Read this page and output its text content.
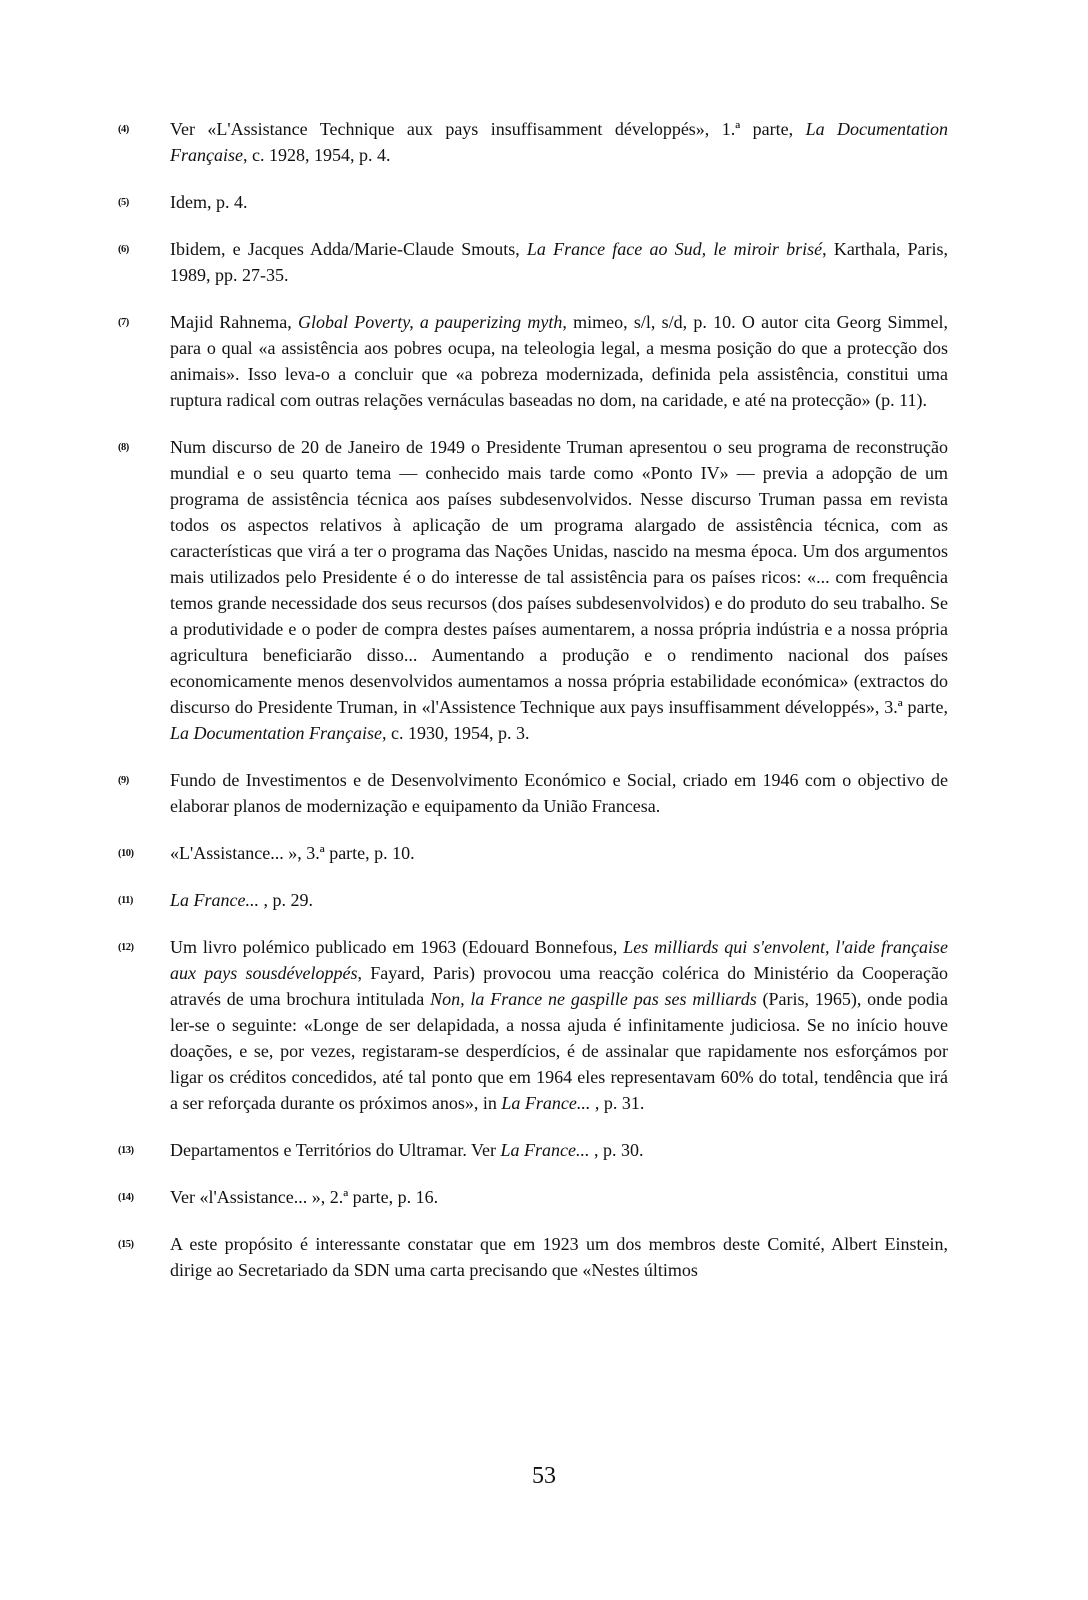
(4) Ver «L'Assistance Technique aux pays insuffisamment développés», 1.ª parte, La Documentation Française, c. 1928, 1954, p. 4.
(5) Idem, p. 4.
(6) Ibidem, e Jacques Adda/Marie-Claude Smouts, La France face ao Sud, le miroir brisé, Karthala, Paris, 1989, pp. 27-35.
(7) Majid Rahnema, Global Poverty, a pauperizing myth, mimeo, s/l, s/d, p. 10. O autor cita Georg Simmel, para o qual «a assistência aos pobres ocupa, na teleologia legal, a mesma posição do que a protecção dos animais». Isso leva-o a concluir que «a pobreza modernizada, definida pela assistência, constitui uma ruptura radical com outras relações vernáculas baseadas no dom, na caridade, e até na protecção» (p. 11).
(8) Num discurso de 20 de Janeiro de 1949 o Presidente Truman apresentou o seu programa de reconstrução mundial e o seu quarto tema — conhecido mais tarde como «Ponto IV» — previa a adopção de um programa de assistência técnica aos países subdesenvolvidos. Nesse discurso Truman passa em revista todos os aspectos relativos à aplicação de um programa alargado de assistência técnica, com as características que virá a ter o programa das Nações Unidas, nascido na mesma época. Um dos argumentos mais utilizados pelo Presidente é o do interesse de tal assistência para os países ricos: «... com frequência temos grande necessidade dos seus recursos (dos países subdesenvolvidos) e do produto do seu trabalho. Se a produtividade e o poder de compra destes países aumentarem, a nossa própria indústria e a nossa própria agricultura beneficiarão disso... Aumentando a produção e o rendimento nacional dos países economicamente menos desenvolvidos aumentamos a nossa própria estabilidade económica» (extractos do discurso do Presidente Truman, in «l'Assistence Technique aux pays insuffisamment développés», 3.ª parte, La Documentation Française, c. 1930, 1954, p. 3.
(9) Fundo de Investimentos e de Desenvolvimento Económico e Social, criado em 1946 com o objectivo de elaborar planos de modernização e equipamento da União Francesa.
(10) «L'Assistance... », 3.ª parte, p. 10.
(11) La France... , p. 29.
(12) Um livro polémico publicado em 1963 (Edouard Bonnefous, Les milliards qui s'envolent, l'aide française aux pays sousdéveloppés, Fayard, Paris) provocou uma reacção colérica do Ministério da Cooperação através de uma brochura intitulada Non, la France ne gaspille pas ses milliards (Paris, 1965), onde podia ler-se o seguinte: «Longe de ser delapidada, a nossa ajuda é infinitamente judiciosa. Se no início houve doações, e se, por vezes, registaram-se desperdícios, é de assinalar que rapidamente nos esforçámos por ligar os créditos concedidos, até tal ponto que em 1964 eles representavam 60% do total, tendência que irá a ser reforçada durante os próximos anos», in La France... , p. 31.
(13) Departamentos e Territórios do Ultramar. Ver La France... , p. 30.
(14) Ver «l'Assistance... », 2.ª parte, p. 16.
(15) A este propósito é interessante constatar que em 1923 um dos membros deste Comité, Albert Einstein, dirige ao Secretariado da SDN uma carta precisando que «Nestes últimos
53
